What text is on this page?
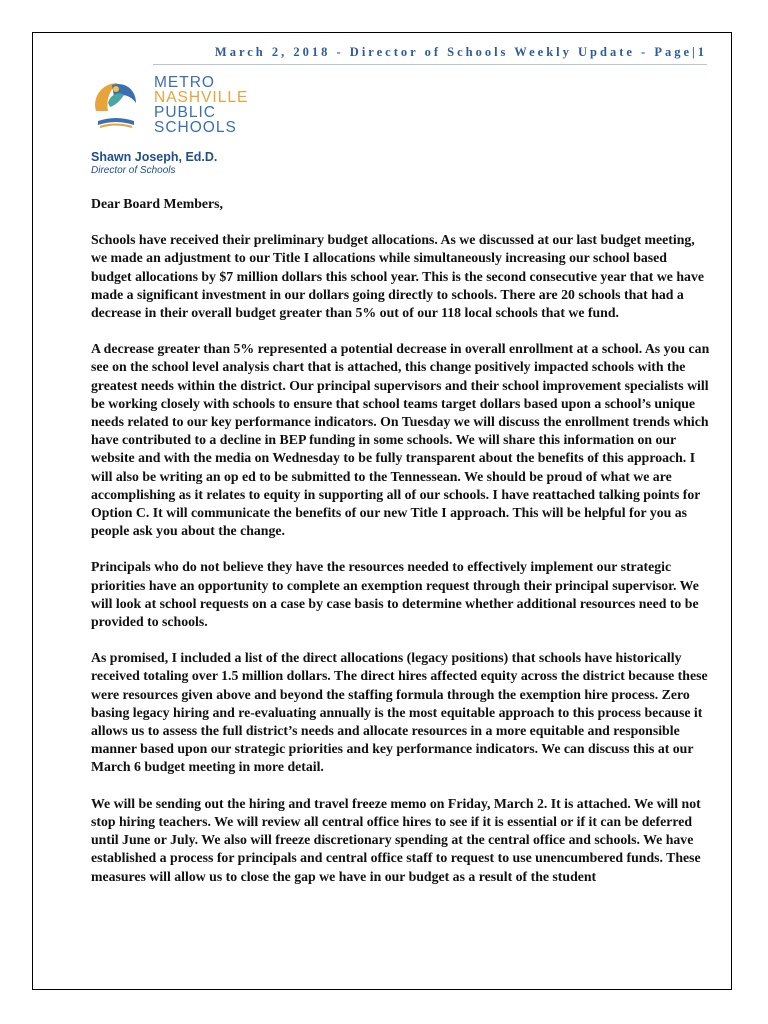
March 2, 2018 - Director of Schools Weekly Update - Page|1
METRO
NASHVILLE
PUBLIC
SCHOOLS
Shawn Joseph, Ed.D.
Director of Schools

Dear Board Members,

Schools have received their preliminary budget allocations. As we discussed at our last budget meeting, we made an adjustment to our Title I allocations while simultaneously increasing our school based budget allocations by $7 million dollars this school year. This is the second consecutive year that we have made a significant investment in our dollars going directly to schools. There are 20 schools that had a decrease in their overall budget greater than 5% out of our 118 local schools that we fund.

A decrease greater than 5% represented a potential decrease in overall enrollment at a school. As you can see on the school level analysis chart that is attached, this change positively impacted schools with the greatest needs within the district. Our principal supervisors and their school improvement specialists will be working closely with schools to ensure that school teams target dollars based upon a school’s unique needs related to our key performance indicators. On Tuesday we will discuss the enrollment trends which have contributed to a decline in BEP funding in some schools. We will share this information on our website and with the media on Wednesday to be fully transparent about the benefits of this approach. I will also be writing an op ed to be submitted to the Tennessean. We should be proud of what we are accomplishing as it relates to equity in supporting all of our schools. I have reattached talking points for Option C. It will communicate the benefits of our new Title I approach. This will be helpful for you as people ask you about the change.

Principals who do not believe they have the resources needed to effectively implement our strategic priorities have an opportunity to complete an exemption request through their principal supervisor. We will look at school requests on a case by case basis to determine whether additional resources need to be provided to schools.

As promised, I included a list of the direct allocations (legacy positions) that schools have historically received totaling over 1.5 million dollars. The direct hires affected equity across the district because these were resources given above and beyond the staffing formula through the exemption hire process. Zero basing legacy hiring and re-evaluating annually is the most equitable approach to this process because it allows us to assess the full district’s needs and allocate resources in a more equitable and responsible manner based upon our strategic priorities and key performance indicators. We can discuss this at our March 6 budget meeting in more detail.

We will be sending out the hiring and travel freeze memo on Friday, March 2. It is attached. We will not stop hiring teachers. We will review all central office hires to see if it is essential or if it can be deferred until June or July. We also will freeze discretionary spending at the central office and schools. We have established a process for principals and central office staff to request to use unencumbered funds. These measures will allow us to close the gap we have in our budget as a result of the student
